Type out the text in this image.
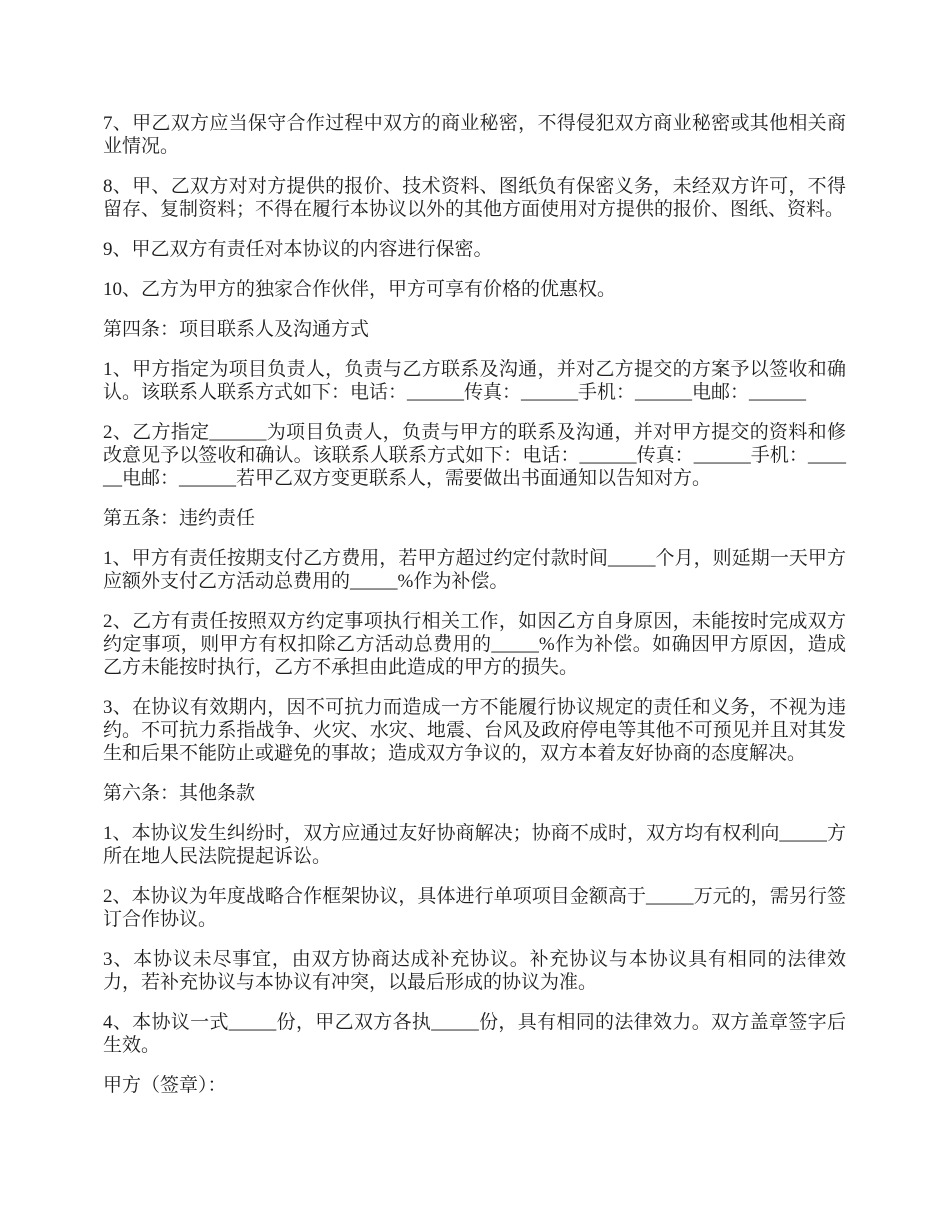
7、甲乙双方应当保守合作过程中双方的商业秘密，不得侵犯双方商业秘密或其他相关商业情况。
8、甲、乙双方对对方提供的报价、技术资料、图纸负有保密义务，未经双方许可，不得留存、复制资料；不得在履行本协议以外的其他方面使用对方提供的报价、图纸、资料。
9、甲乙双方有责任对本协议的内容进行保密。
10、乙方为甲方的独家合作伙伴，甲方可享有价格的优惠权。
第四条：项目联系人及沟通方式
1、甲方指定为项目负责人，负责与乙方联系及沟通，并对乙方提交的方案予以签收和确认。该联系人联系方式如下：电话：______传真：______手机：______电邮：______
2、乙方指定______为项目负责人，负责与甲方的联系及沟通，并对甲方提交的资料和修改意见予以签收和确认。该联系人联系方式如下：电话：______传真：______手机：______电邮：______若甲乙双方变更联系人，需要做出书面通知以告知对方。
第五条：违约责任
1、甲方有责任按期支付乙方费用，若甲方超过约定付款时间_____个月，则延期一天甲方应额外支付乙方活动总费用的_____%作为补偿。
2、乙方有责任按照双方约定事项执行相关工作，如因乙方自身原因，未能按时完成双方约定事项，则甲方有权扣除乙方活动总费用的_____%作为补偿。如确因甲方原因，造成乙方未能按时执行，乙方不承担由此造成的甲方的损失。
3、在协议有效期内，因不可抗力而造成一方不能履行协议规定的责任和义务，不视为违约。不可抗力系指战争、火灾、水灾、地震、台风及政府停电等其他不可预见并且对其发生和后果不能防止或避免的事故；造成双方争议的，双方本着友好协商的态度解决。
第六条：其他条款
1、本协议发生纠纷时，双方应通过友好协商解决；协商不成时，双方均有权利向_____方所在地人民法院提起诉讼。
2、本协议为年度战略合作框架协议，具体进行单项项目金额高于_____万元的，需另行签订合作协议。
3、本协议未尽事宜，由双方协商达成补充协议。补充协议与本协议具有相同的法律效力，若补充协议与本协议有冲突，以最后形成的协议为准。
4、本协议一式_____份，甲乙双方各执_____份，具有相同的法律效力。双方盖章签字后生效。
甲方（签章）：
